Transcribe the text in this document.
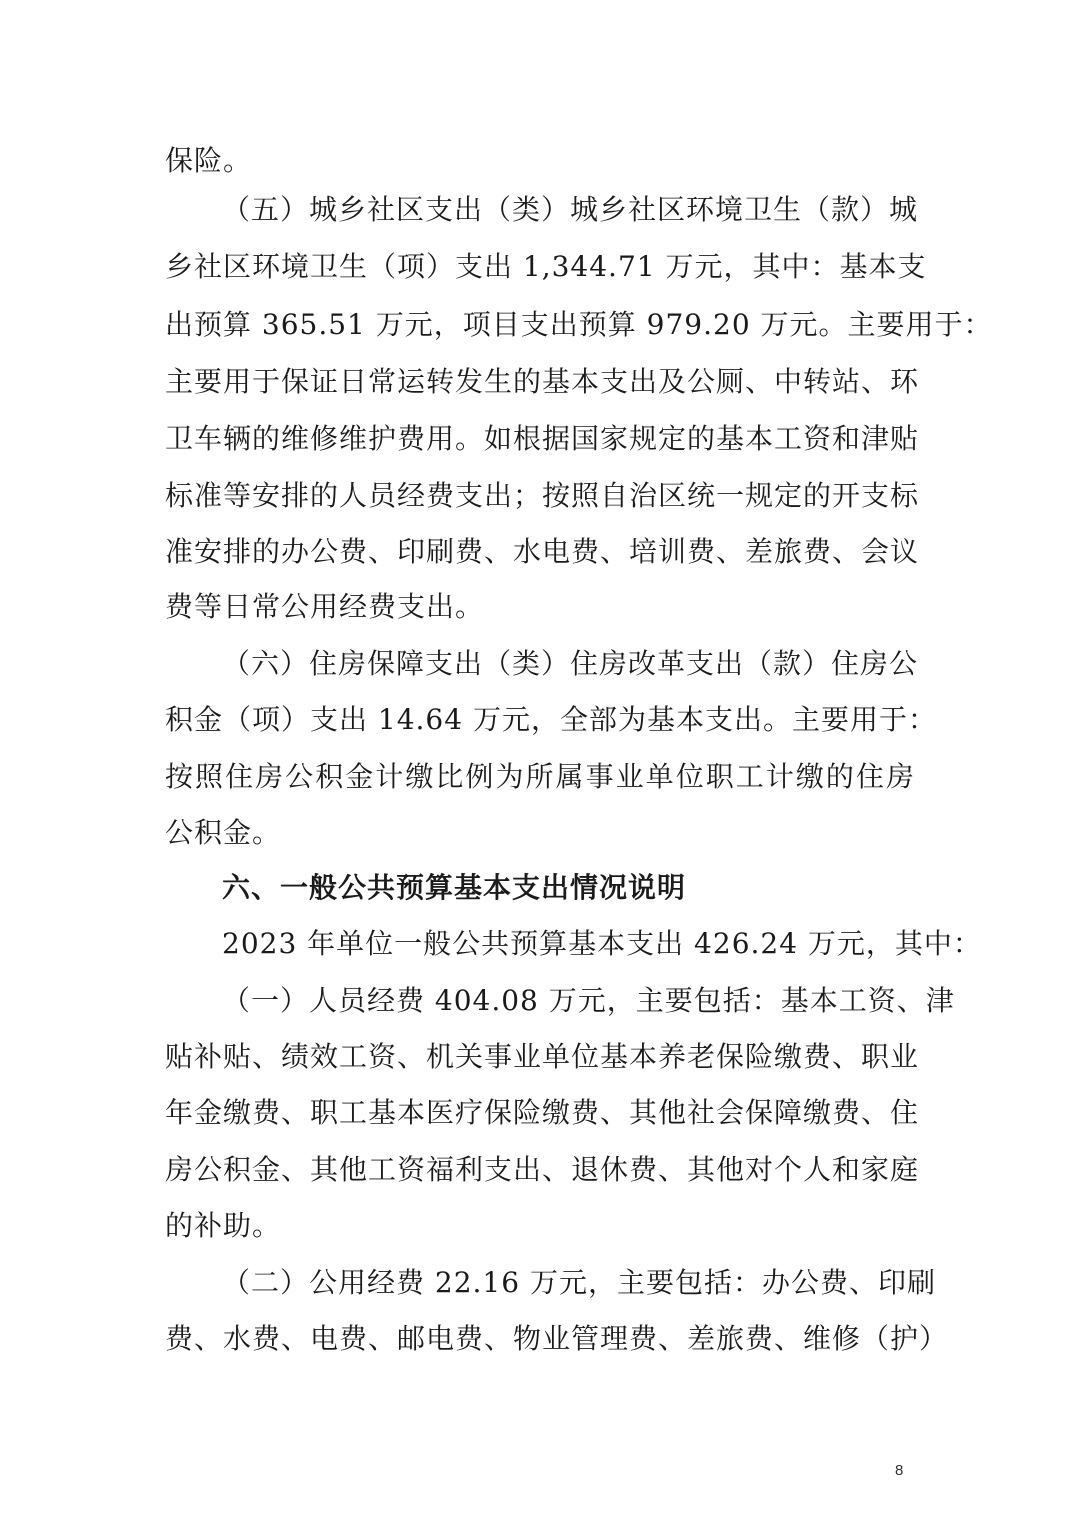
保险。
（五）城乡社区支出（类）城乡社区环境卫生（款）城
乡社区环境卫生（项）支出 1,344.71 万元，其中：基本支
出预算 365.51 万元，项目支出预算 979.20 万元。主要用于：
主要用于保证日常运转发生的基本支出及公厕、中转站、环
卫车辆的维修维护费用。如根据国家规定的基本工资和津贴
标准等安排的人员经费支出；按照自治区统一规定的开支标
准安排的办公费、印刷费、水电费、培训费、差旅费、会议
费等日常公用经费支出。
（六）住房保障支出（类）住房改革支出（款）住房公
积金（项）支出 14.64 万元，全部为基本支出。主要用于：
按照住房公积金计缴比例为所属事业单位职工计缴的住房
公积金。
六、一般公共预算基本支出情况说明
2023 年单位一般公共预算基本支出 426.24 万元，其中：
（一）人员经费 404.08 万元，主要包括：基本工资、津
贴补贴、绩效工资、机关事业单位基本养老保险缴费、职业
年金缴费、职工基本医疗保险缴费、其他社会保障缴费、住
房公积金、其他工资福利支出、退休费、其他对个人和家庭
的补助。
（二）公用经费 22.16 万元，主要包括：办公费、印刷
费、水费、电费、邮电费、物业管理费、差旅费、维修（护）
8
